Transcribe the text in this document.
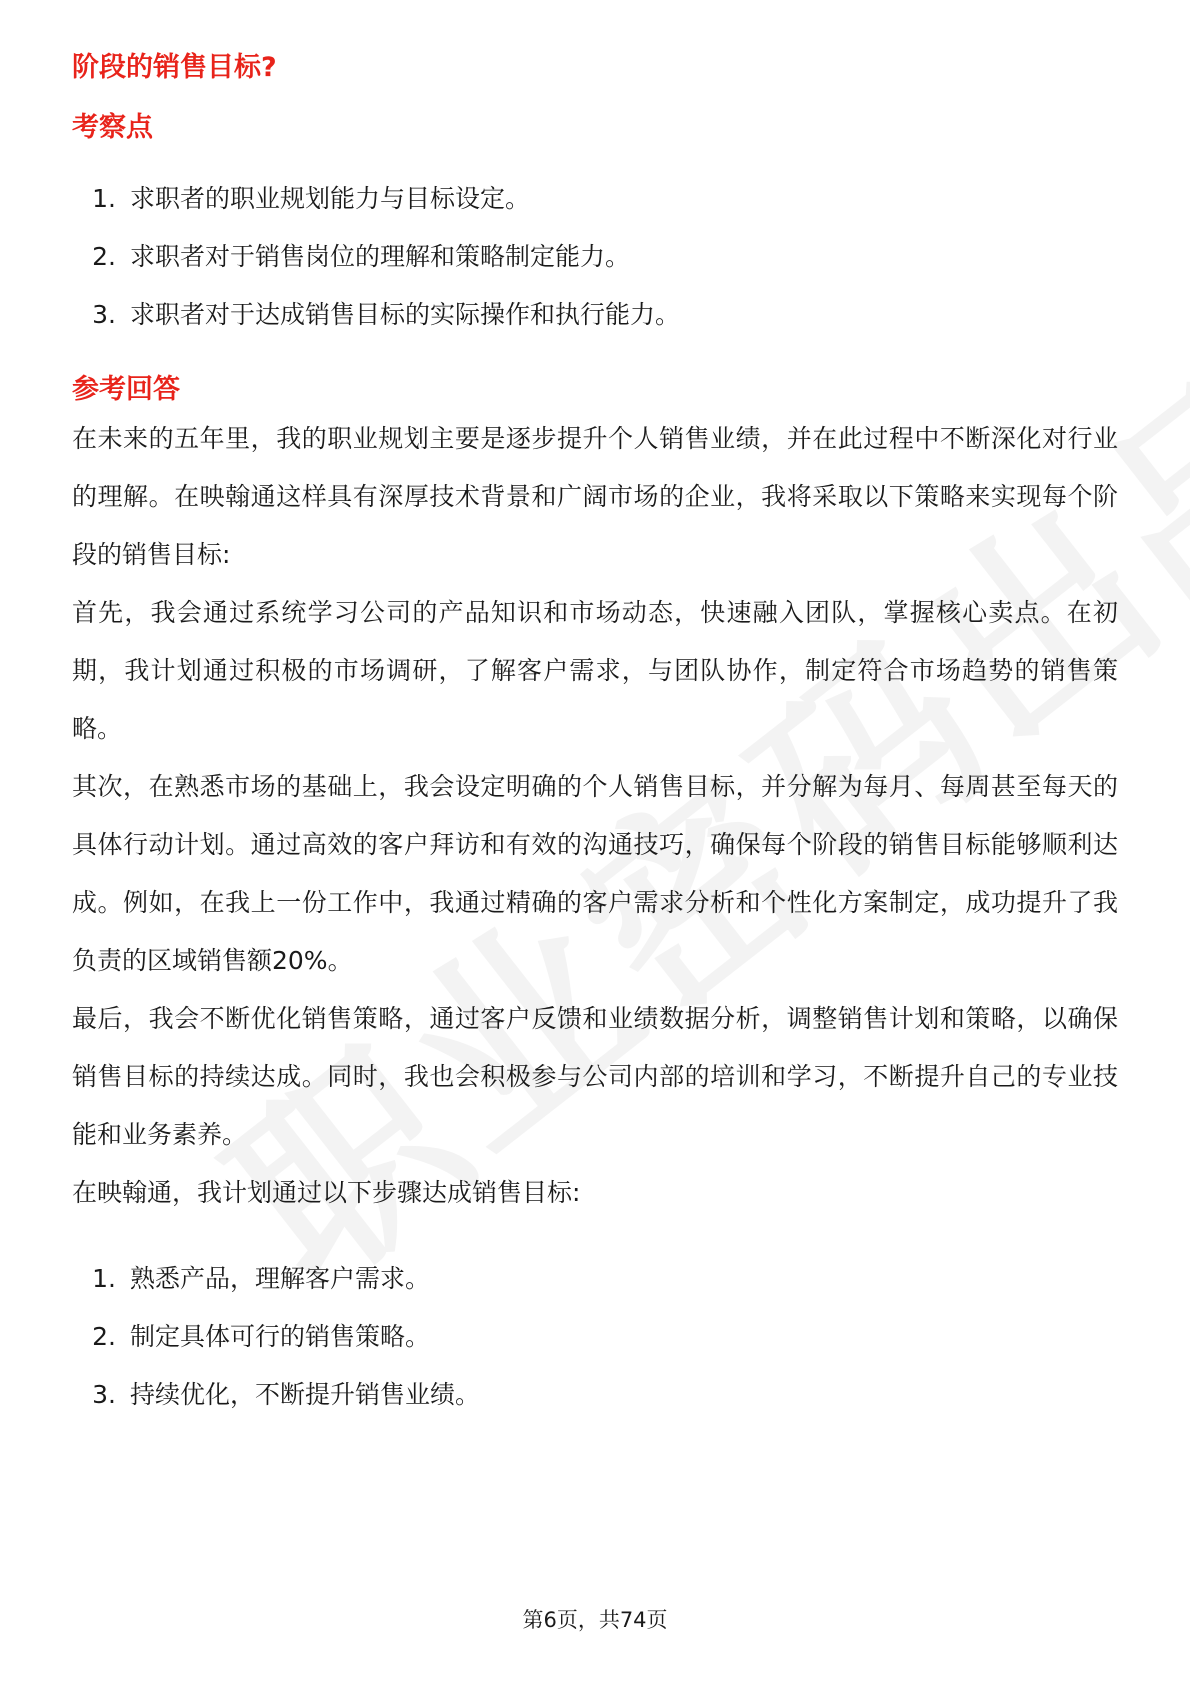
阶段的销售目标?
考察点
1. 求职者的职业规划能力与目标设定。
2. 求职者对于销售岗位的理解和策略制定能力。
3. 求职者对于达成销售目标的实际操作和执行能力。
参考回答

在未来的五年里，我的职业规划主要是逐步提升个人销售业绩，并在此过程中不断深化对行业的理解。在映翰通这样具有深厚技术背景和广阔市场的企业，我将采取以下策略来实现每个阶段的销售目标:

首先，我会通过系统学习公司的产品知识和市场动态，快速融入团队，掌握核心卖点。在初期，我计划通过积极的市场调研，了解客户需求，与团队协作，制定符合市场趋势的销售策略。

其次，在熟悉市场的基础上，我会设定明确的个人销售目标，并分解为每月、每周甚至每天的具体行动计划。通过高效的客户拜访和有效的沟通技巧，确保每个阶段的销售目标能够顺利达成。例如，在我上一份工作中，我通过精确的客户需求分析和个性化方案制定，成功提升了我负责的区域销售额20%。

最后，我会不断优化销售策略，通过客户反馈和业绩数据分析，调整销售计划和策略，以确保销售目标的持续达成。同时，我也会积极参与公司内部的培训和学习，不断提升自己的专业技能和业务素养。

在映翰通，我计划通过以下步骤达成销售目标:

1. 熟悉产品，理解客户需求。
2. 制定具体可行的销售策略。
3. 持续优化，不断提升销售业绩。
第6页，共74页
